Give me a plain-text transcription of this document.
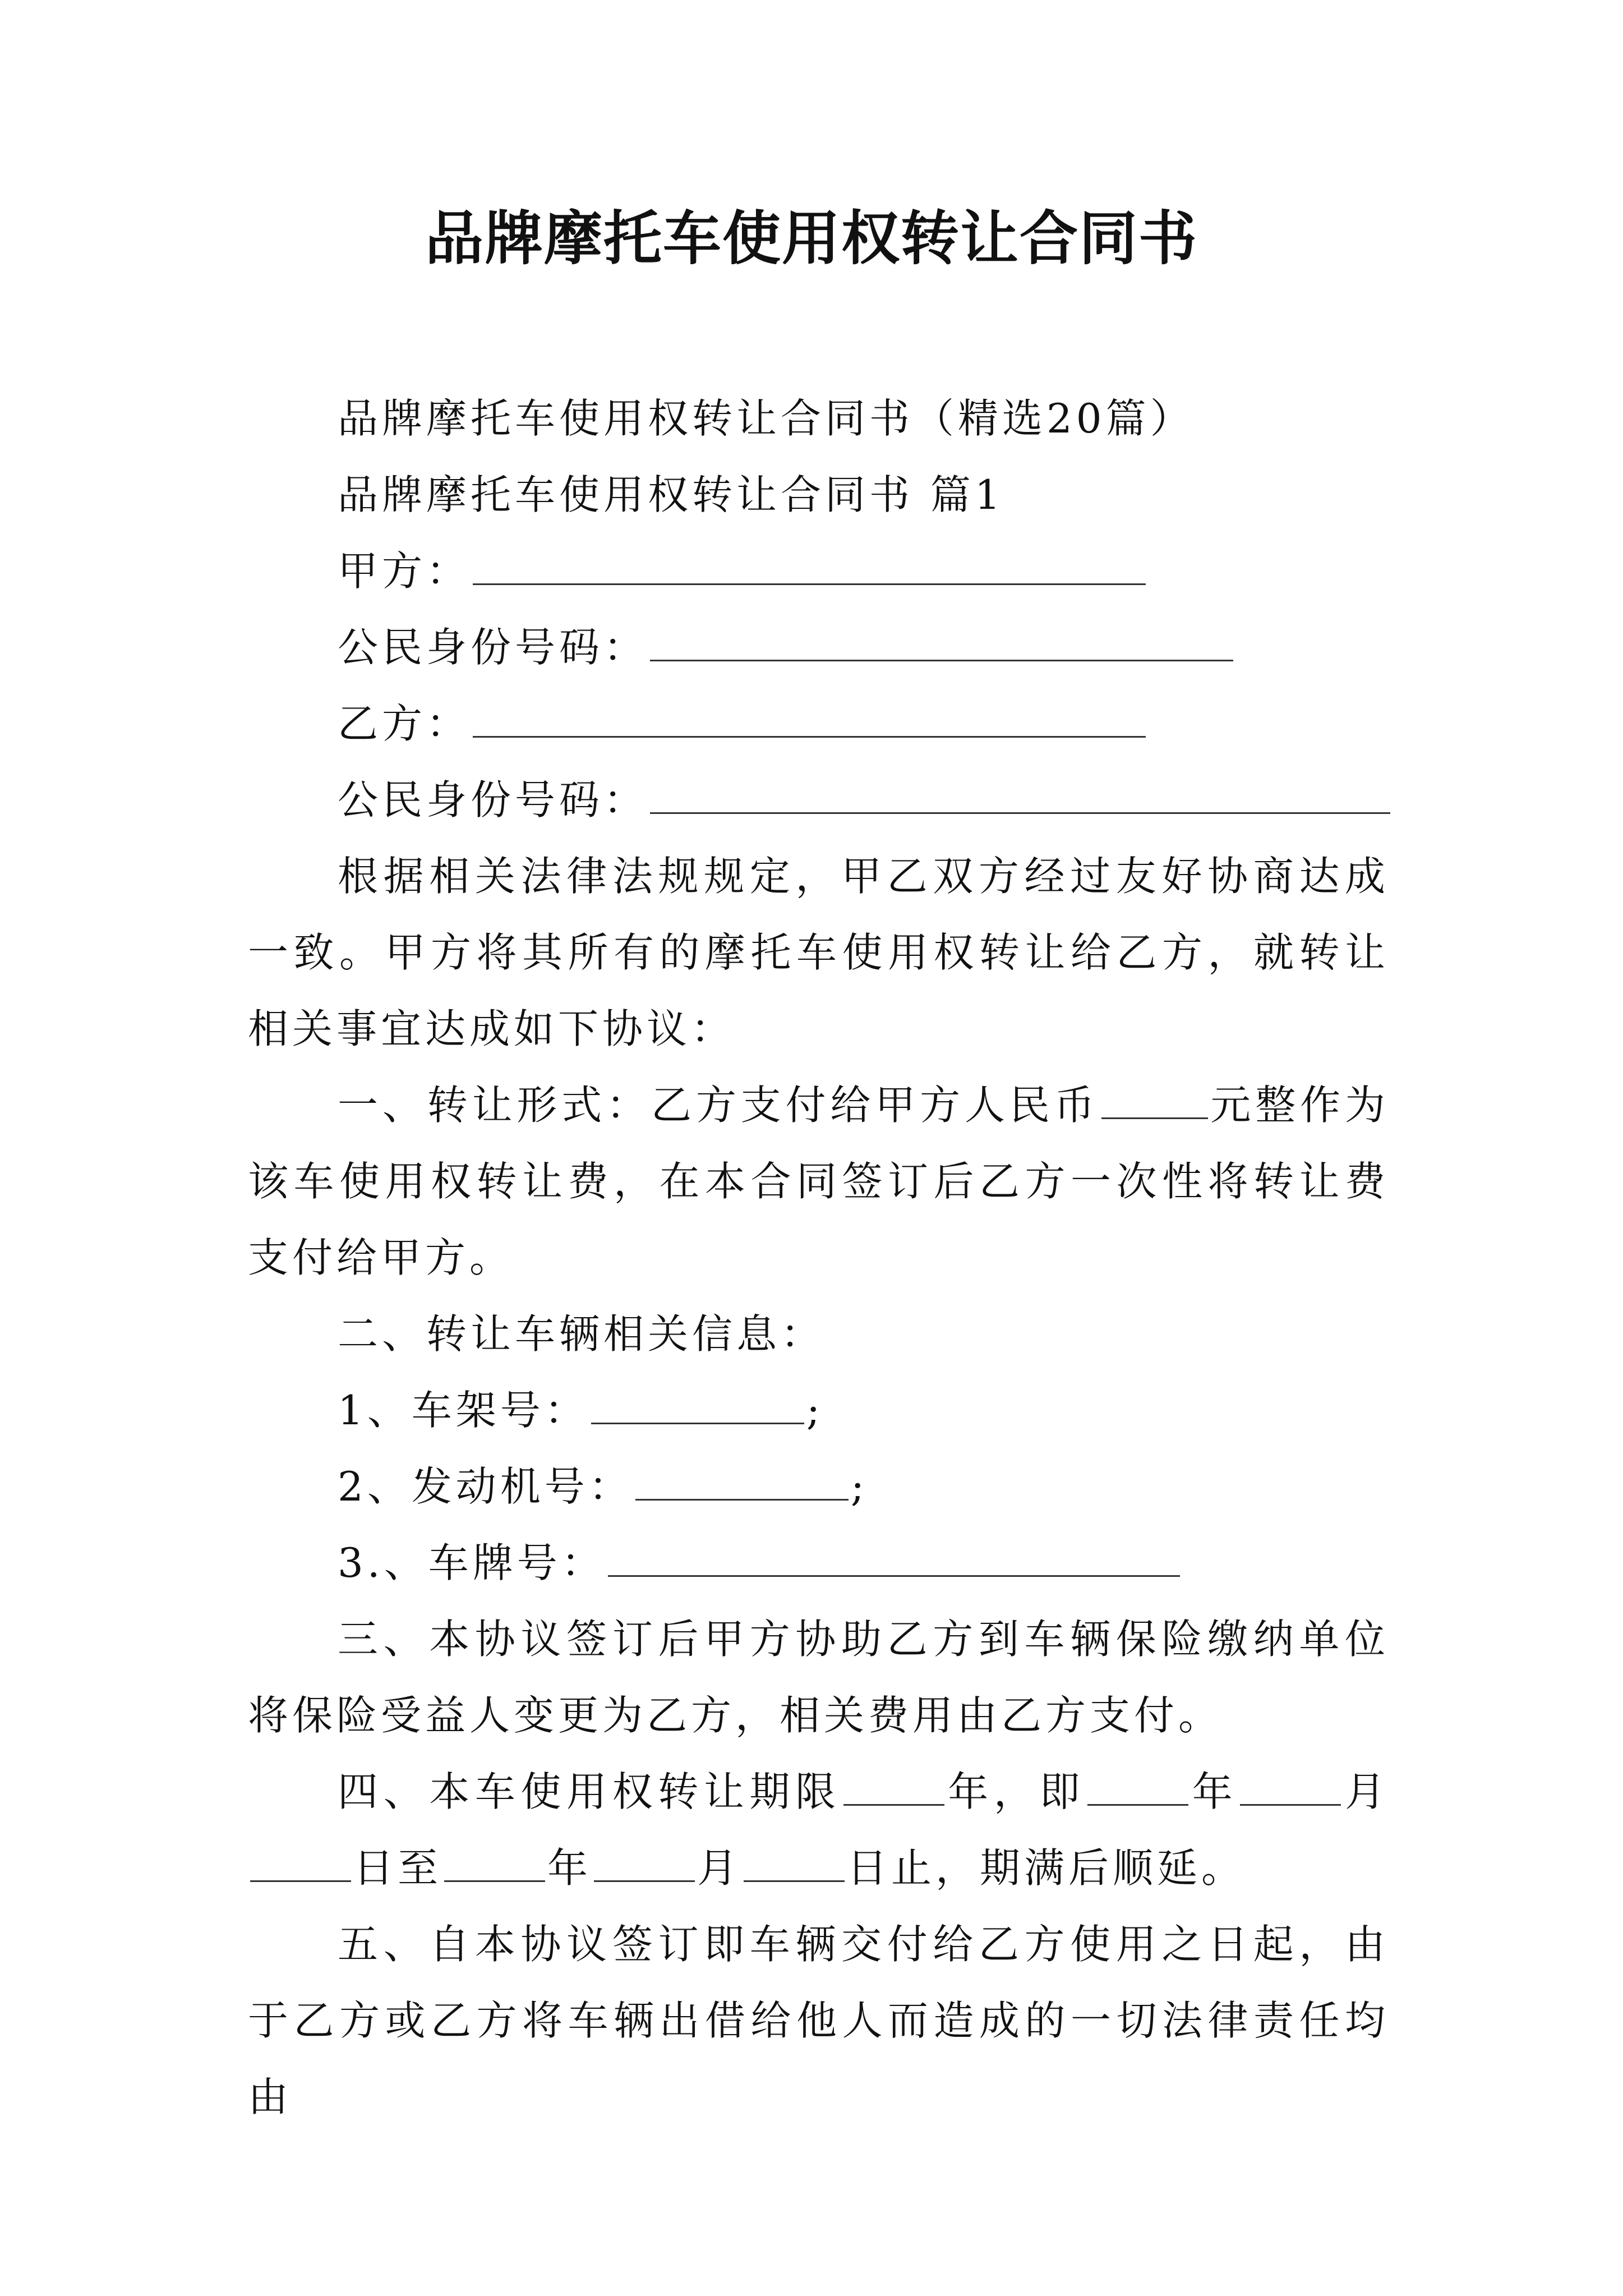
品牌摩托车使用权转让合同书
品牌摩托车使用权转让合同书（精选20篇）
品牌摩托车使用权转让合同书 篇1
甲方：
公民身份号码：
乙方：
公民身份号码：
根据相关法律法规规定，甲乙双方经过友好协商达成一致。甲方将其所有的摩托车使用权转让给乙方，就转让相关事宜达成如下协议：
一、转让形式：乙方支付给甲方人民币	元整作为该车使用权转让费，在本合同签订后乙方一次性将转让费支付给甲方。
二、转让车辆相关信息：
1、车架号：	;
2、发动机号：	;
3.、车牌号：
三、本协议签订后甲方协助乙方到车辆保险缴纳单位将保险受益人变更为乙方，相关费用由乙方支付。
四、本车使用权转让期限	年，即	年	月日至	年	月	日止，期满后顺延。
五、自本协议签订即车辆交付给乙方使用之日起，由于乙方或乙方将车辆出借给他人而造成的一切法律责任均由
